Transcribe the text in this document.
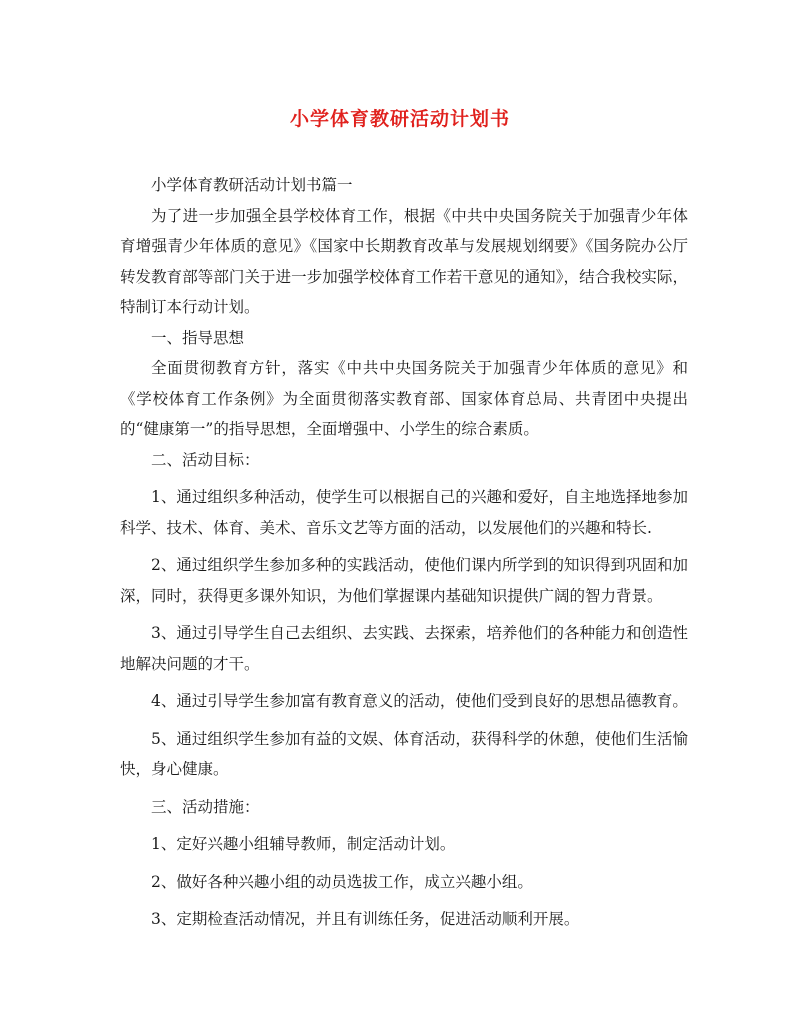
小学体育教研活动计划书

小学体育教研活动计划书篇一

为了进一步加强全县学校体育工作，根据《中共中央国务院关于加强青少年体育增强青少年体质的意见》《国家中长期教育改革与发展规划纲要》《国务院办公厅转发教育部等部门关于进一步加强学校体育工作若干意见的通知》，结合我校实际，特制订本行动计划。

一、指导思想

全面贯彻教育方针，落实《中共中央国务院关于加强青少年体质的意见》和《学校体育工作条例》为全面贯彻落实教育部、国家体育总局、共青团中央提出的“健康第一”的指导思想，全面增强中、小学生的综合素质。

二、活动目标：

1、通过组织多种活动，使学生可以根据自己的兴趣和爱好，自主地选择地参加科学、技术、体育、美术、音乐文艺等方面的活动，以发展他们的兴趣和特长.

2、通过组织学生参加多种的实践活动，使他们课内所学到的知识得到巩固和加深，同时，获得更多课外知识，为他们掌握课内基础知识提供广阔的智力背景。

3、通过引导学生自己去组织、去实践、去探索，培养他们的各种能力和创造性地解决问题的才干。

4、通过引导学生参加富有教育意义的活动，使他们受到良好的思想品德教育。

5、通过组织学生参加有益的文娱、体育活动，获得科学的休憩，使他们生活愉快，身心健康。

三、活动措施：

1、定好兴趣小组辅导教师，制定活动计划。

2、做好各种兴趣小组的动员选拔工作，成立兴趣小组。

3、定期检查活动情况，并且有训练任务，促进活动顺利开展。
